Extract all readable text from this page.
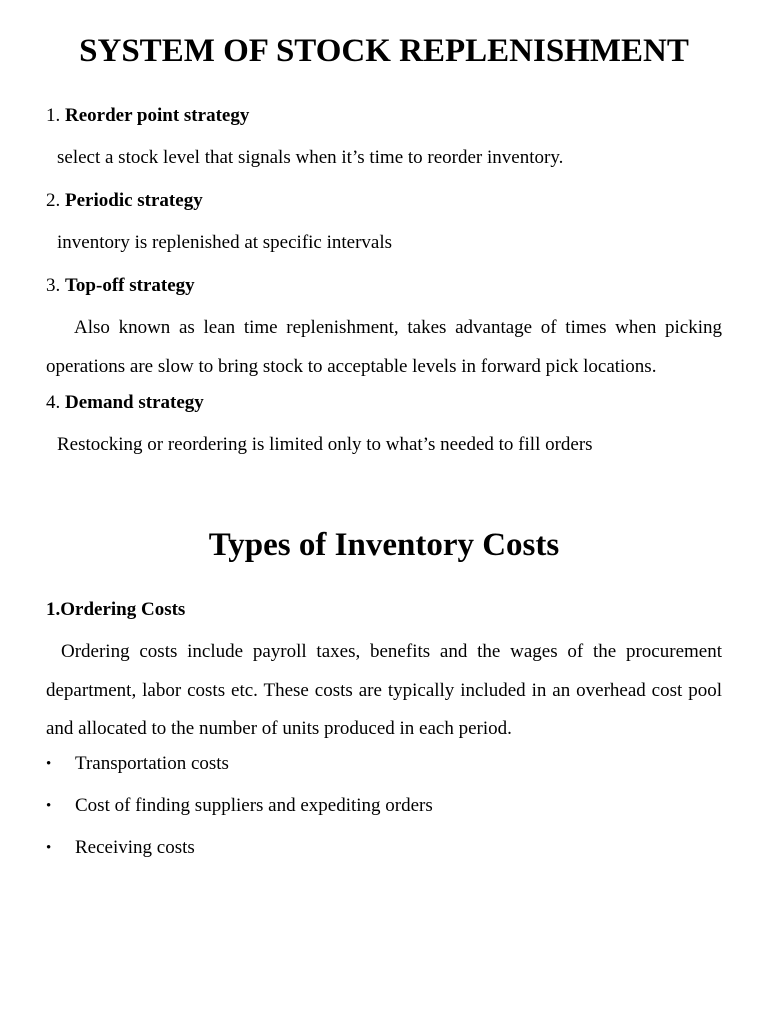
SYSTEM OF STOCK REPLENISHMENT

1. Reorder point strategy

select a stock level that signals when it’s time to reorder inventory.

2. Periodic strategy

inventory is replenished at specific intervals

3. Top-off strategy

Also known as lean time replenishment, takes advantage of times when picking operations are slow to bring stock to acceptable levels in forward pick locations.

4. Demand strategy

Restocking or reordering is limited only to what’s needed to fill orders

Types of Inventory Costs

1.Ordering Costs

Ordering costs include payroll taxes, benefits and the wages of the procurement department, labor costs etc. These costs are typically included in an overhead cost pool and allocated to the number of units produced in each period.

• Transportation costs
• Cost of finding suppliers and expediting orders
• Receiving costs
